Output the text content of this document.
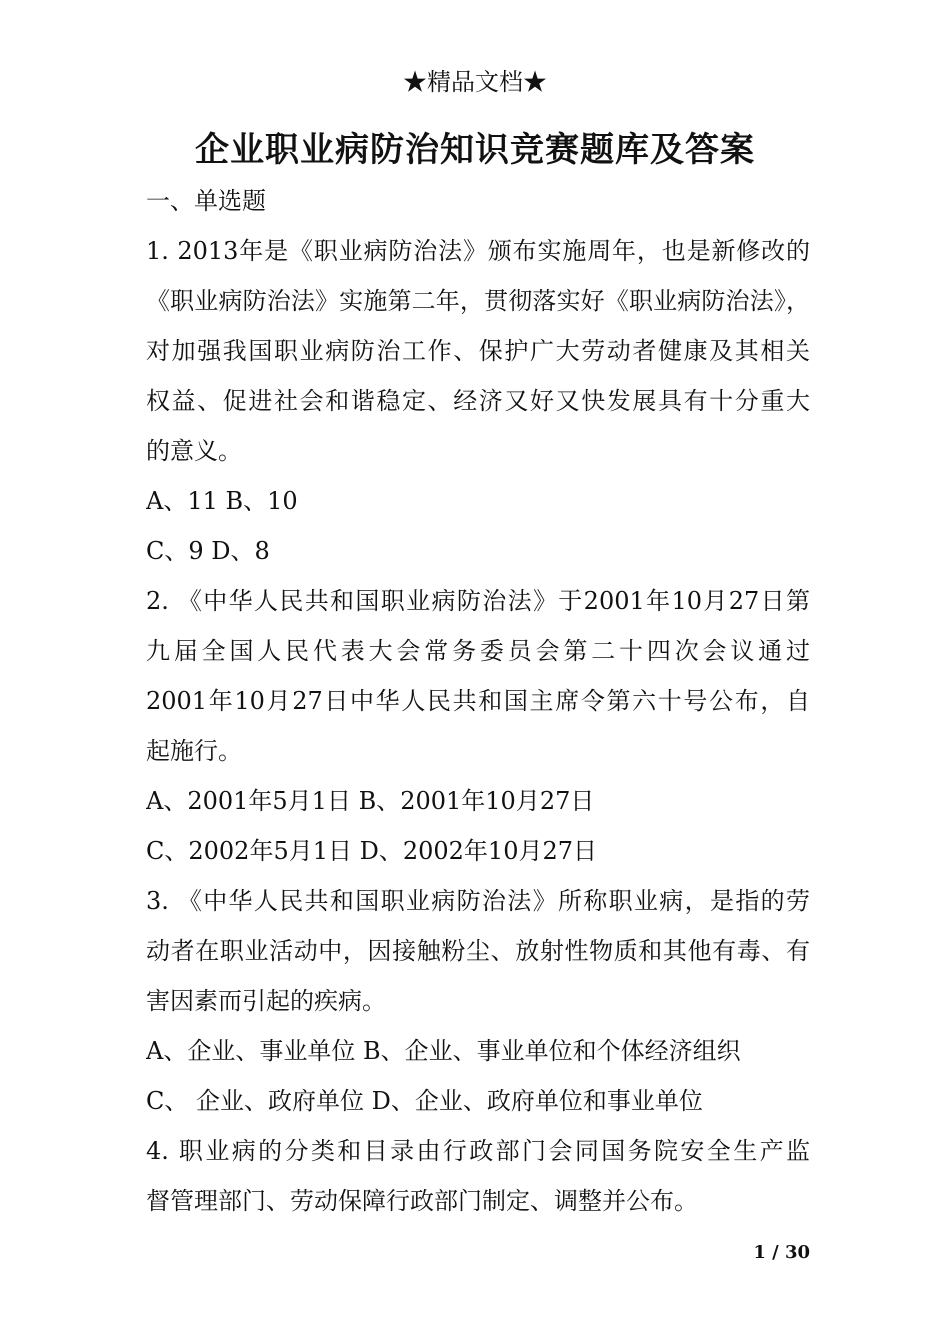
★精品文档★
企业职业病防治知识竞赛题库及答案
一、单选题
1. 2013年是《职业病防治法》颁布实施周年，也是新修改的
《职业病防治法》实施第二年，贯彻落实好《职业病防治法》，
对加强我国职业病防治工作、保护广大劳动者健康及其相关
权益、促进社会和谐稳定、经济又好又快发展具有十分重大
的意义。
A、11 B、10
C、9 D、8
2. 《中华人民共和国职业病防治法》于2001年10月27日第
九届全国人民代表大会常务委员会第二十四次会议通过
2001年10月27日中华人民共和国主席令第六十号公布，自
起施行。
A、2001年5月1日 B、2001年10月27日
C、2002年5月1日 D、2002年10月27日
3. 《中华人民共和国职业病防治法》所称职业病，是指的劳
动者在职业活动中，因接触粉尘、放射性物质和其他有毒、有
害因素而引起的疾病。
A、企业、事业单位 B、企业、事业单位和个体经济组织
C、 企业、政府单位 D、企业、政府单位和事业单位
4. 职业病的分类和目录由行政部门会同国务院安全生产监
督管理部门、劳动保障行政部门制定、调整并公布。
1 / 30
